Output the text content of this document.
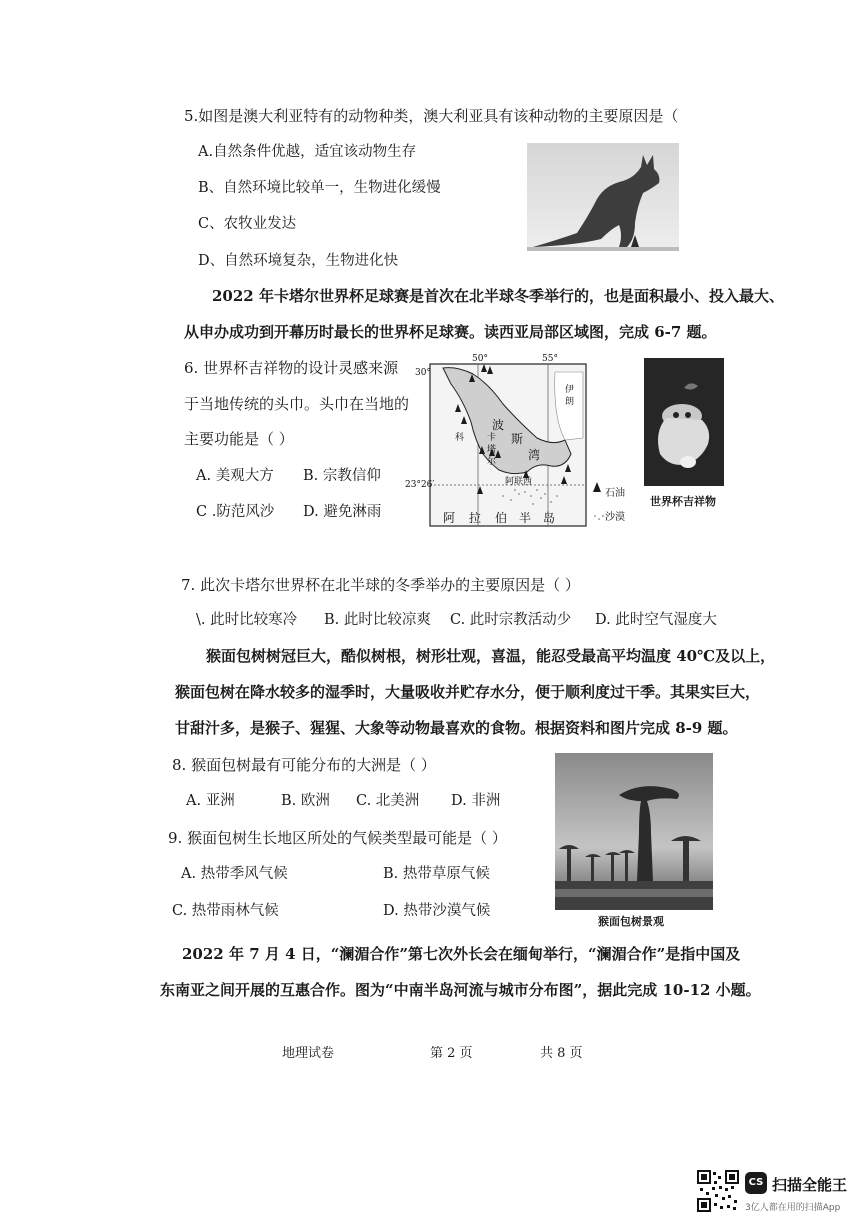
5.如图是澳大利亚特有的动物种类，澳大利亚具有该种动物的主要原因是（
A.自然条件优越，适宜该动物生存
B、自然环境比较单一，生物进化缓慢
C、农牧业发达
D、自然环境复杂，生物进化快
2022 年卡塔尔世界杯足球赛是首次在北半球冬季举行的，也是面积最小、投入最大、
从申办成功到开幕历时最长的世界杯足球赛。读西亚局部区域图，完成 6-7 题。
6. 世界杯吉祥物的设计灵感来源
于当地传统的头巾。头巾在当地的
主要功能是（ ）
A. 美观大方 B. 宗教信仰
C .防范风沙 D. 避免淋雨
50°	55°
30°
23°26′
波
斯
湾
阿 拉 伯 半 岛
伊
朗
卡
塔
尔
阿联酋
科
石油
沙漠
世界杯吉祥物
7. 此次卡塔尔世界杯在北半球的冬季举办的主要原因是（ ）
\. 此时比较寒冷 B. 此时比较凉爽 C. 此时宗教活动少 D. 此时空气湿度大
猴面包树树冠巨大，酷似树根，树形壮观，喜温，能忍受最高平均温度 40℃及以上，
猴面包树在降水较多的湿季时，大量吸收并贮存水分，便于顺利度过干季。其果实巨大，
甘甜汁多，是猴子、猩猩、大象等动物最喜欢的食物。根据资料和图片完成 8-9 题。
8. 猴面包树最有可能分布的大洲是（ ）
A. 亚洲	B. 欧洲 C. 北美洲 D. 非洲
9. 猴面包树生长地区所处的气候类型最可能是（ ）
A. 热带季风气候	B. 热带草原气候
C. 热带雨林气候	D. 热带沙漠气候
猴面包树景观
2022 年 7 月 4 日，“澜湄合作”第七次外长会在缅甸举行，“澜湄合作”是指中国及
东南亚之间开展的互惠合作。图为“中南半岛河流与城市分布图”，据此完成 10-12 小题。
地理试卷	第 2 页	共 8 页
CS 扫描全能王
3亿人都在用的扫描App
